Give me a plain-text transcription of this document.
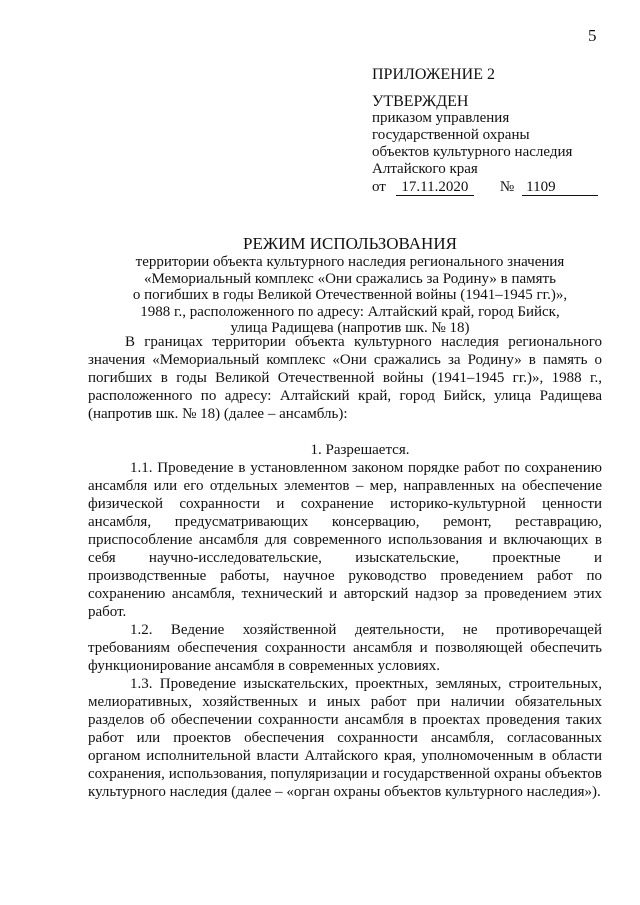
5
ПРИЛОЖЕНИЕ 2
УТВЕРЖДЕН
приказом управления
государственной охраны
объектов культурного наследия
Алтайского края
от	17.11.2020	№ 1109
РЕЖИМ ИСПОЛЬЗОВАНИЯ
территории объекта культурного наследия регионального значения
«Мемориальный комплекс «Они сражались за Родину» в память
о погибших в годы Великой Отечественной войны (1941–1945 гг.)»,
1988 г., расположенного по адресу: Алтайский край, город Бийск,
улица Радищева (напротив шк. № 18)
В границах территории объекта культурного наследия регионального значения «Мемориальный комплекс «Они сражались за Родину» в память о погибших в годы Великой Отечественной войны (1941–1945 гг.)», 1988 г., расположенного по адресу: Алтайский край, город Бийск, улица Радищева (напротив шк. № 18) (далее – ансамбль):
1. Разрешается.
1.1. Проведение в установленном законом порядке работ по сохранению ансамбля или его отдельных элементов – мер, направленных на обеспечение физической сохранности и сохранение историко-культурной ценности ансамбля, предусматривающих консервацию, ремонт, реставрацию, приспособление ансамбля для современного использования и включающих в себя научно-исследовательские, изыскательские, проектные и производственные работы, научное руководство проведением работ по сохранению ансамбля, технический и авторский надзор за проведением этих работ.
1.2. Ведение хозяйственной деятельности, не противоречащей требованиям обеспечения сохранности ансамбля и позволяющей обеспечить функционирование ансамбля в современных условиях.
1.3. Проведение изыскательских, проектных, земляных, строительных, мелиоративных, хозяйственных и иных работ при наличии обязательных разделов об обеспечении сохранности ансамбля в проектах проведения таких работ или проектов обеспечения сохранности ансамбля, согласованных органом исполнительной власти Алтайского края, уполномоченным в области сохранения, использования, популяризации и государственной охраны объектов культурного наследия (далее – «орган охраны объектов культурного наследия»).
